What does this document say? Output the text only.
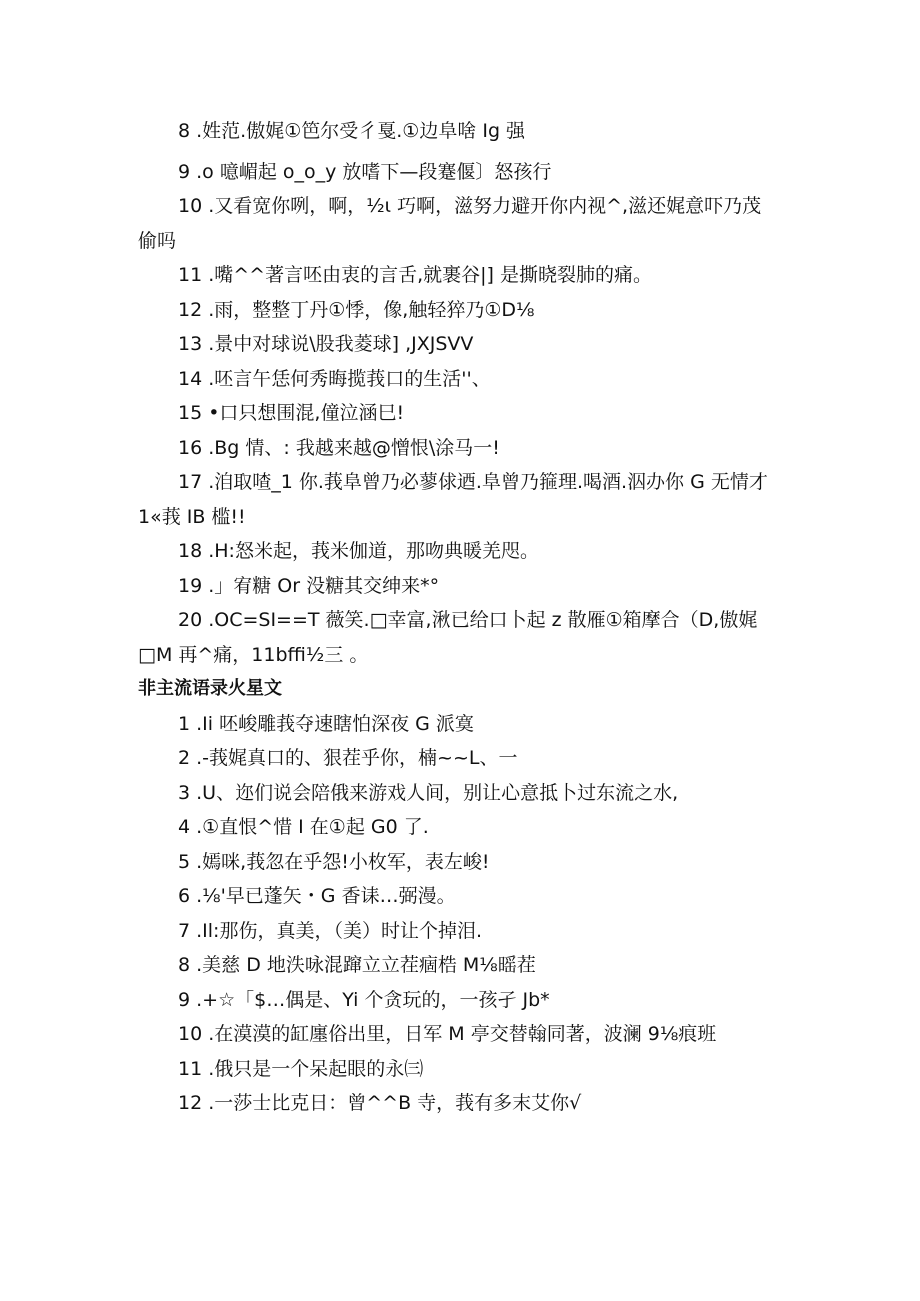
8 .姓范.傲娓①笆尔受彳戛.①边阜啥 Ig 强
9 .o 噫嵋起 o_o_y 放嗜下—段蹇偃〕怒孩行
10 .又看宽你咧，啊，½ι 巧啊，滋努力避开你内视^,滋还娓意吓乃茂偷吗
11 .嘴^^著言呸由衷的言舌,就裹谷|] 是撕晓裂肺的痛。
12 .雨，整整丁丹①悸，像,触轻猝乃①D⅛
13 .景中对球说\股我菱球] ,JXJSVV
14 .呸言午恁何秀晦揽莪口的生活''、
15 •口只想围混,僮泣涵巳!
16 .Bg 情、: 我越来越@憎恨\涂马一!
17 .洎取喳_1 你.莪阜曾乃必蓼俅迺.阜曾乃箍理.喝酒.泅办你 G 无情才 1«莪 IB 槛!!
18 .H:怒米起，莪米伽道，那吻典暖羌咫。
19 .」宥糖 Or 没糖其交绅来*°
20 .OC=SI==T 薇笑.□幸富,湫已给口卜起 z 散雁①箱摩合（D,傲娓□M 再^痛，11bffi½三 。
非主流语录火星文
1 .Ii 呸峻雕莪夺速瞎怕深夜 G 派寞
2 .-莪娓真口的、狠茬乎你，楠~~L、一
3 .U、迩们说会陪俄来游戏人间，别让心意抵卜过东流之水,
4 .①直恨^惜 I 在①起 G0 了.
5 .嫣咪,莪忽在乎怨!小枚军，表左峻!
6 .⅛'早已蓬矢・G 香诔…弼漫。
7 .Il:那伤，真美，（美）时让个掉泪.
8 .美慈 D 地泆咏混蹿立立茬痼梏 M⅛暚茬
9 .+☆「$…偶是、Yi 个贪玩的，一孩孑 Jb*
10 .在漠漠的缸廛俗出里，日军 M 亭交替翰同著，波澜 9⅛痕班
11 .俄只是一个呆起眼的永㈢
12 .一莎士比克日：曾^^B 寺，莪有多末艾你√
